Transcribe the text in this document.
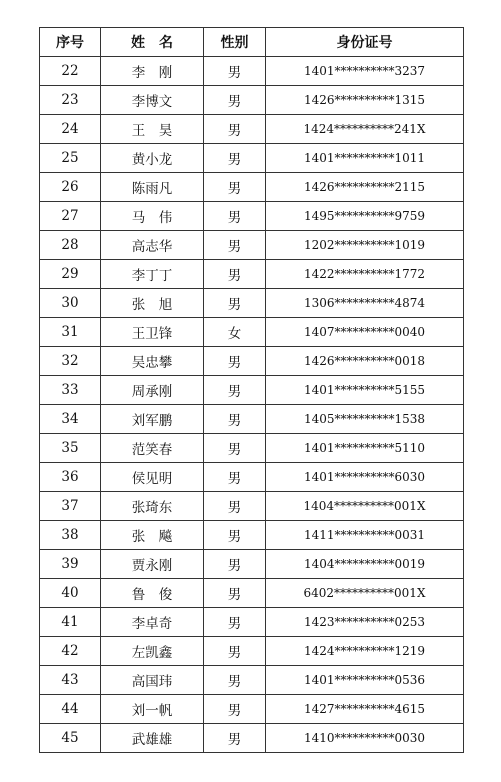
序号	姓　名	性别	身份证号
22	李　刚	男	1401**********3237
23	李博文	男	1426**********1315
24	王　昊	男	1424**********241X
25	黄小龙	男	1401**********1011
26	陈雨凡	男	1426**********2115
27	马　伟	男	1495**********9759
28	高志华	男	1202**********1019
29	李丁丁	男	1422**********1772
30	张　旭	男	1306**********4874
31	王卫锋	女	1407**********0040
32	吴忠攀	男	1426**********0018
33	周承刚	男	1401**********5155
34	刘军鹏	男	1405**********1538
35	范笑春	男	1401**********5110
36	侯见明	男	1401**********6030
37	张琦东	男	1404**********001X
38	张　飚	男	1411**********0031
39	贾永刚	男	1404**********0019
40	鲁　俊	男	6402**********001X
41	李卓奇	男	1423**********0253
42	左凯鑫	男	1424**********1219
43	高国玮	男	1401**********0536
44	刘一帆	男	1427**********4615
45	武雄雄	男	1410**********0030
